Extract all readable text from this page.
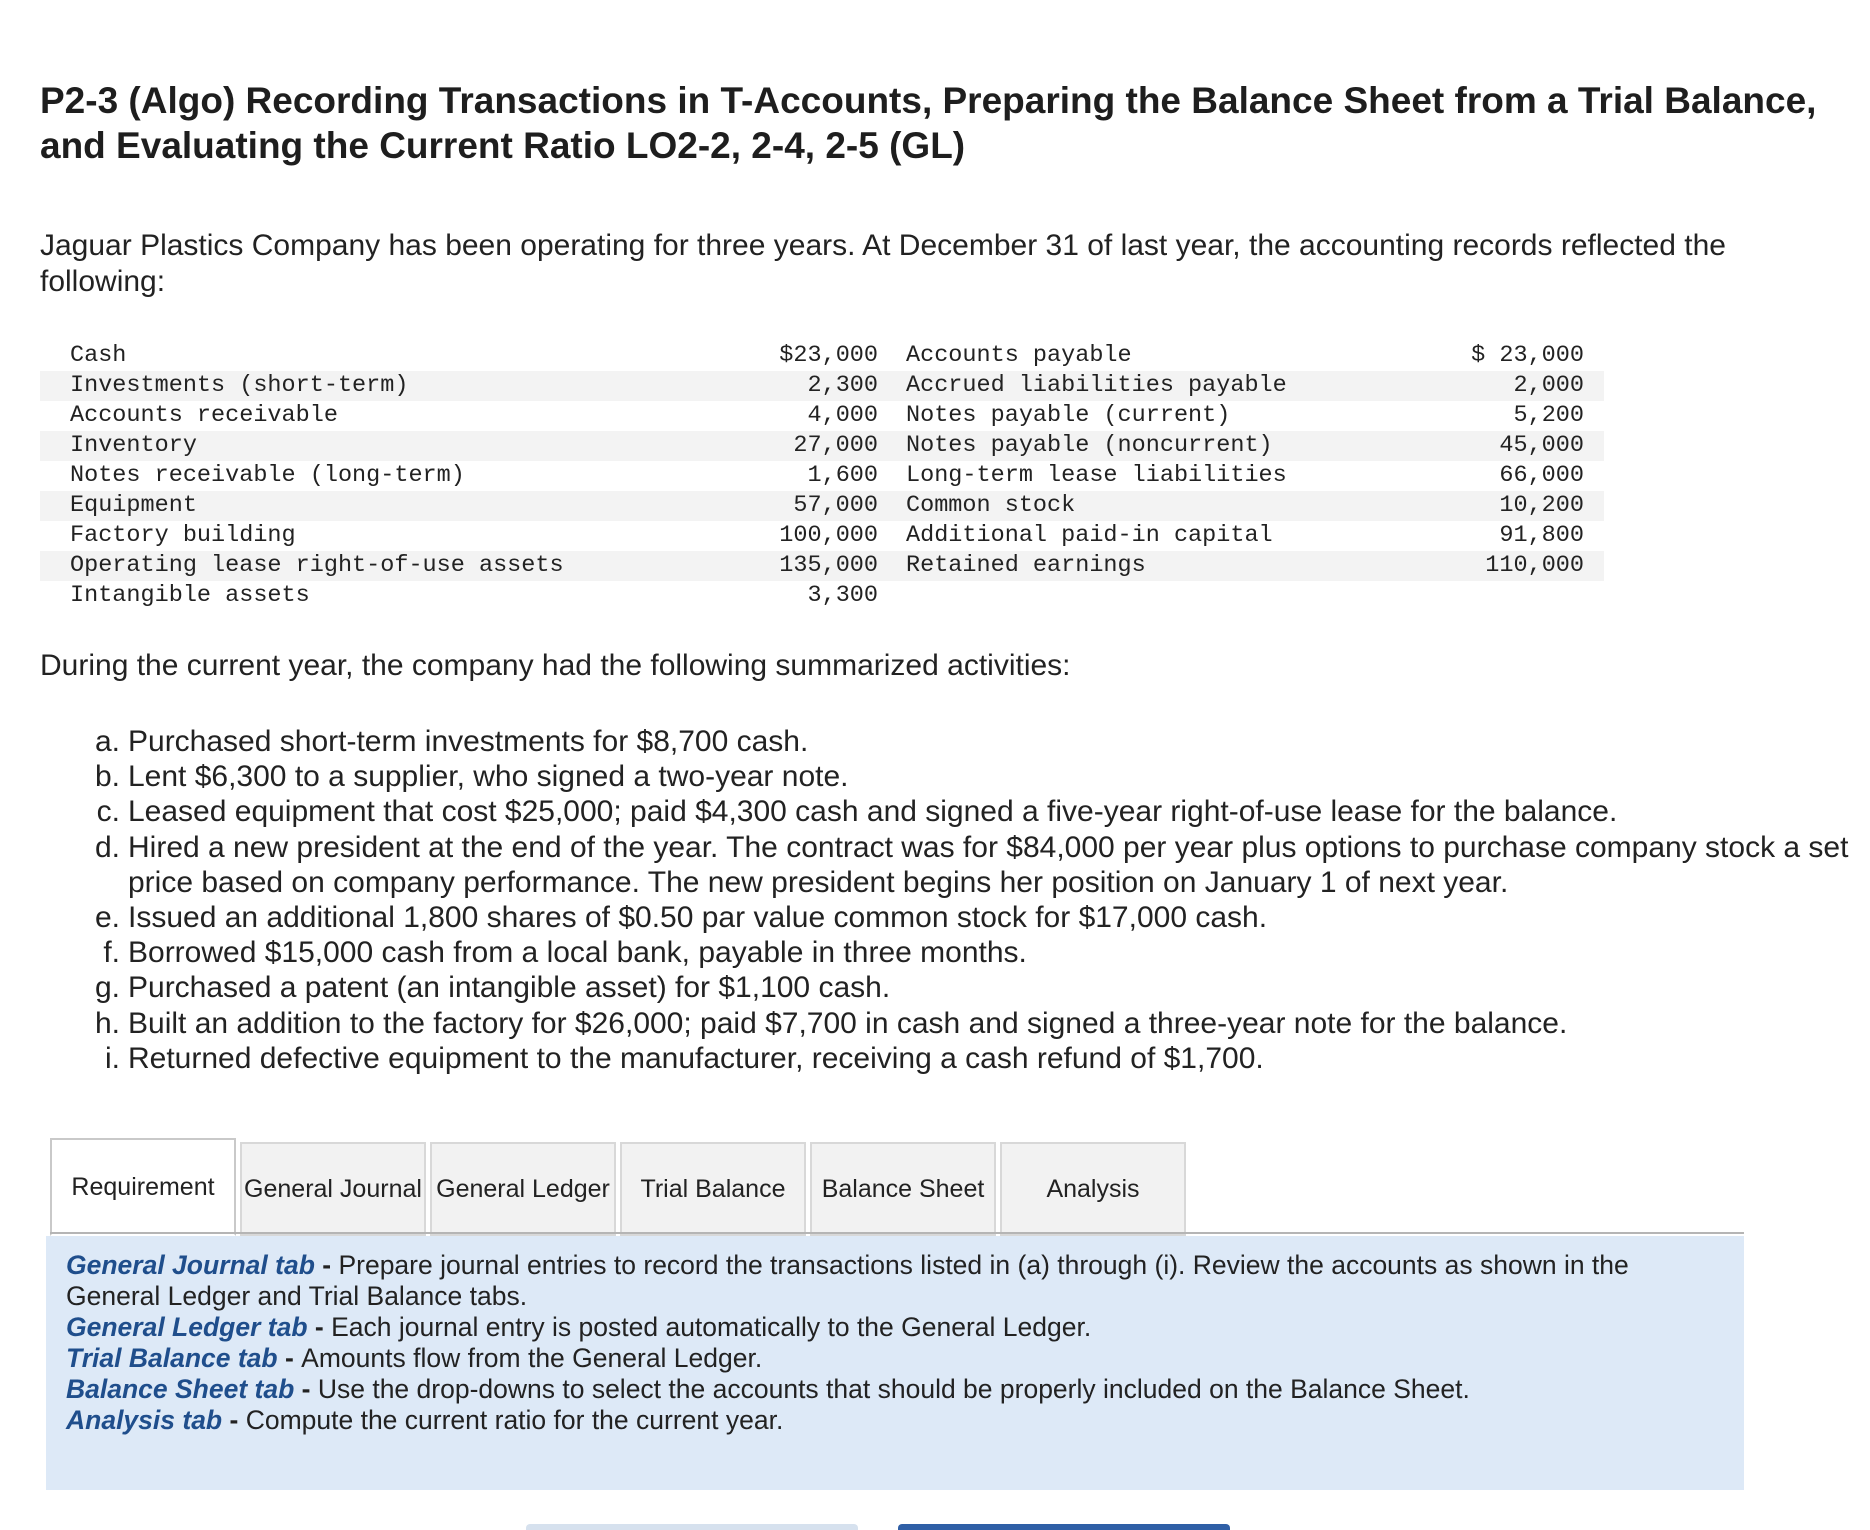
P2-3 (Algo) Recording Transactions in T-Accounts, Preparing the Balance Sheet from a Trial Balance, and Evaluating the Current Ratio LO2-2, 2-4, 2-5 (GL)

Jaguar Plastics Company has been operating for three years. At December 31 of last year, the accounting records reflected the following:

Cash	$23,000	Accounts payable	$ 23,000
Investments (short-term)	2,300	Accrued liabilities payable	2,000
Accounts receivable	4,000	Notes payable (current)	5,200
Inventory	27,000	Notes payable (noncurrent)	45,000
Notes receivable (long-term)	1,600	Long-term lease liabilities	66,000
Equipment	57,000	Common stock	10,200
Factory building	100,000	Additional paid-in capital	91,800
Operating lease right-of-use assets	135,000	Retained earnings	110,000
Intangible assets	3,300

During the current year, the company had the following summarized activities:

a. Purchased short-term investments for $8,700 cash.
b. Lent $6,300 to a supplier, who signed a two-year note.
c. Leased equipment that cost $25,000; paid $4,300 cash and signed a five-year right-of-use lease for the balance.
d. Hired a new president at the end of the year. The contract was for $84,000 per year plus options to purchase company stock a set price based on company performance. The new president begins her position on January 1 of next year.
e. Issued an additional 1,800 shares of $0.50 par value common stock for $17,000 cash.
f. Borrowed $15,000 cash from a local bank, payable in three months.
g. Purchased a patent (an intangible asset) for $1,100 cash.
h. Built an addition to the factory for $26,000; paid $7,700 in cash and signed a three-year note for the balance.
i. Returned defective equipment to the manufacturer, receiving a cash refund of $1,700.
Requirement	General Journal General Ledger	Trial Balance	Balance Sheet	Analysis

General Journal tab - Prepare journal entries to record the transactions listed in (a) through (i). Review the accounts as shown in the General Ledger and Trial Balance tabs.

General Ledger tab - Each journal entry is posted automatically to the General Ledger.

Trial Balance tab - Amounts flow from the General Ledger.

Balance Sheet tab - Use the drop-downs to select the accounts that should be properly included on the Balance Sheet.

Analysis tab - Compute the current ratio for the current year.
